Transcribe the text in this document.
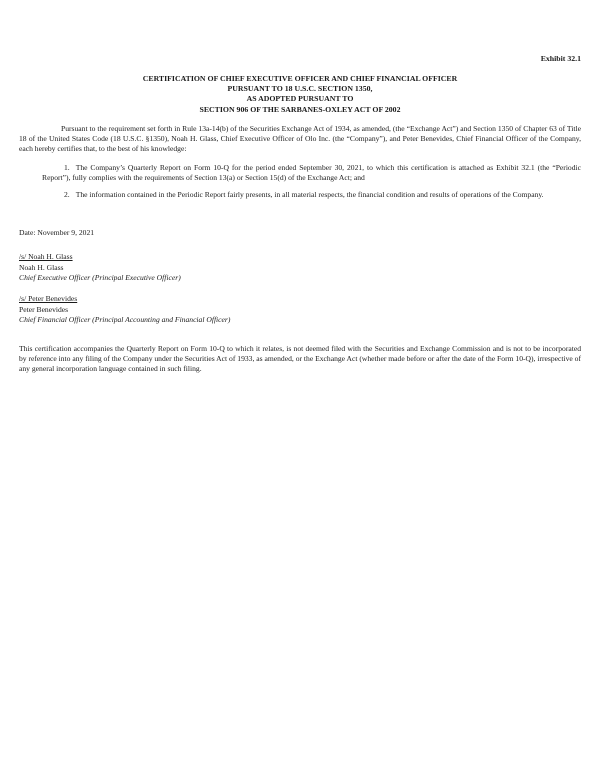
Exhibit 32.1
CERTIFICATION OF CHIEF EXECUTIVE OFFICER AND CHIEF FINANCIAL OFFICER
PURSUANT TO 18 U.S.C. SECTION 1350,
AS ADOPTED PURSUANT TO
SECTION 906 OF THE SARBANES-OXLEY ACT OF 2002
Pursuant to the requirement set forth in Rule 13a-14(b) of the Securities Exchange Act of 1934, as amended, (the “Exchange Act”) and Section 1350 of Chapter 63 of Title 18 of the United States Code (18 U.S.C. §1350), Noah H. Glass, Chief Executive Officer of Olo Inc. (the “Company”), and Peter Benevides, Chief Financial Officer of the Company, each hereby certifies that, to the best of his knowledge:
1. The Company’s Quarterly Report on Form 10-Q for the period ended September 30, 2021, to which this certification is attached as Exhibit 32.1 (the “Periodic Report”), fully complies with the requirements of Section 13(a) or Section 15(d) of the Exchange Act; and
2. The information contained in the Periodic Report fairly presents, in all material respects, the financial condition and results of operations of the Company.
Date: November 9, 2021
/s/ Noah H. Glass
Noah H. Glass
Chief Executive Officer (Principal Executive Officer)
/s/ Peter Benevides
Peter Benevides
Chief Financial Officer (Principal Accounting and Financial Officer)
This certification accompanies the Quarterly Report on Form 10-Q to which it relates, is not deemed filed with the Securities and Exchange Commission and is not to be incorporated by reference into any filing of the Company under the Securities Act of 1933, as amended, or the Exchange Act (whether made before or after the date of the Form 10-Q), irrespective of any general incorporation language contained in such filing.
